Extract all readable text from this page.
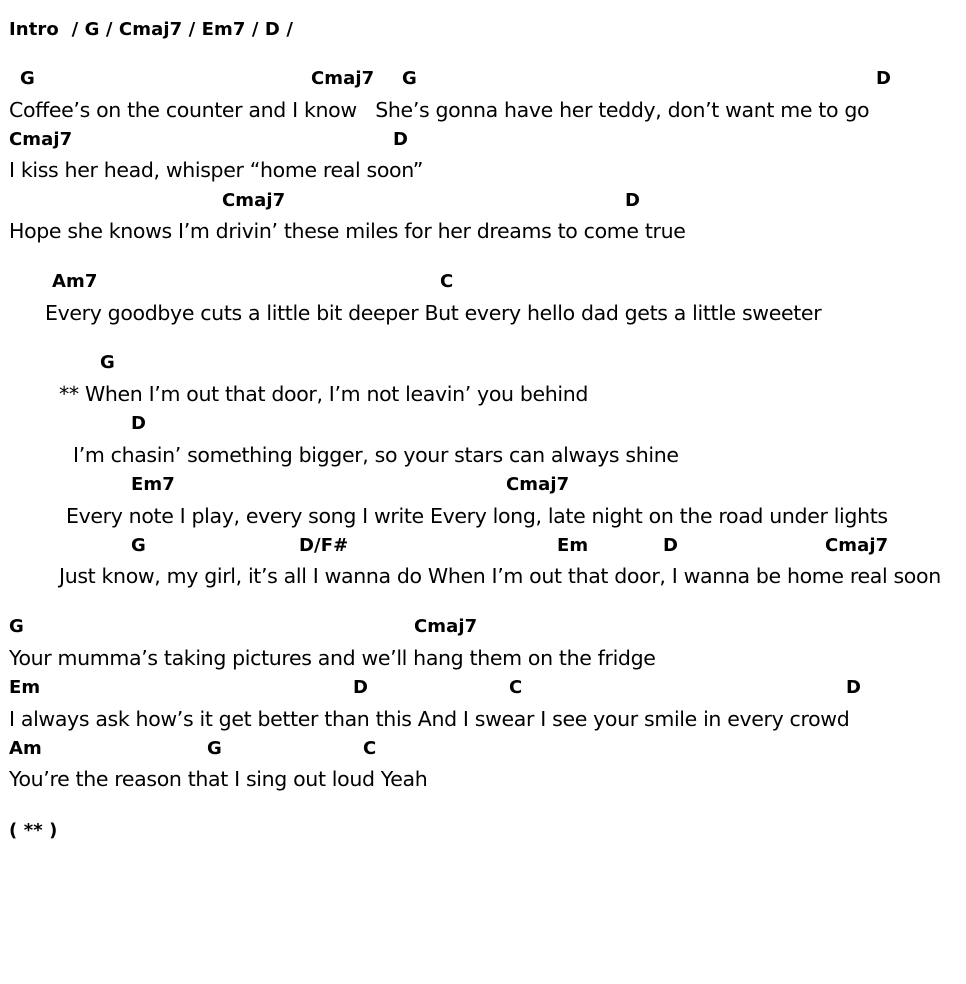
Intro  / G / Cmaj7 / Em7 / D /
G	Cmaj7 G	D
Coffee’s on the counter and I know   She’s gonna have her teddy, don’t want me to go
Cmaj7	D
I kiss her head, whisper “home real soon”
Cmaj7	D
Hope she knows I’m drivin’ these miles for her dreams to come true
Am7	C
Every goodbye cuts a little bit deeper But every hello dad gets a little sweeter
G
** When I’m out that door, I’m not leavin’ you behind
D
I’m chasin’ something bigger, so your stars can always shine
Em7	Cmaj7
Every note I play, every song I write Every long, late night on the road under lights
G	D/F#	Em	D	Cmaj7
Just know, my girl, it’s all I wanna do When I’m out that door, I wanna be home real soon
G	Cmaj7
Your mumma’s taking pictures and we’ll hang them on the fridge
Em	D	C	D
I always ask how’s it get better than this And I swear I see your smile in every crowd
Am	G	C
You’re the reason that I sing out loud Yeah
( ** )
